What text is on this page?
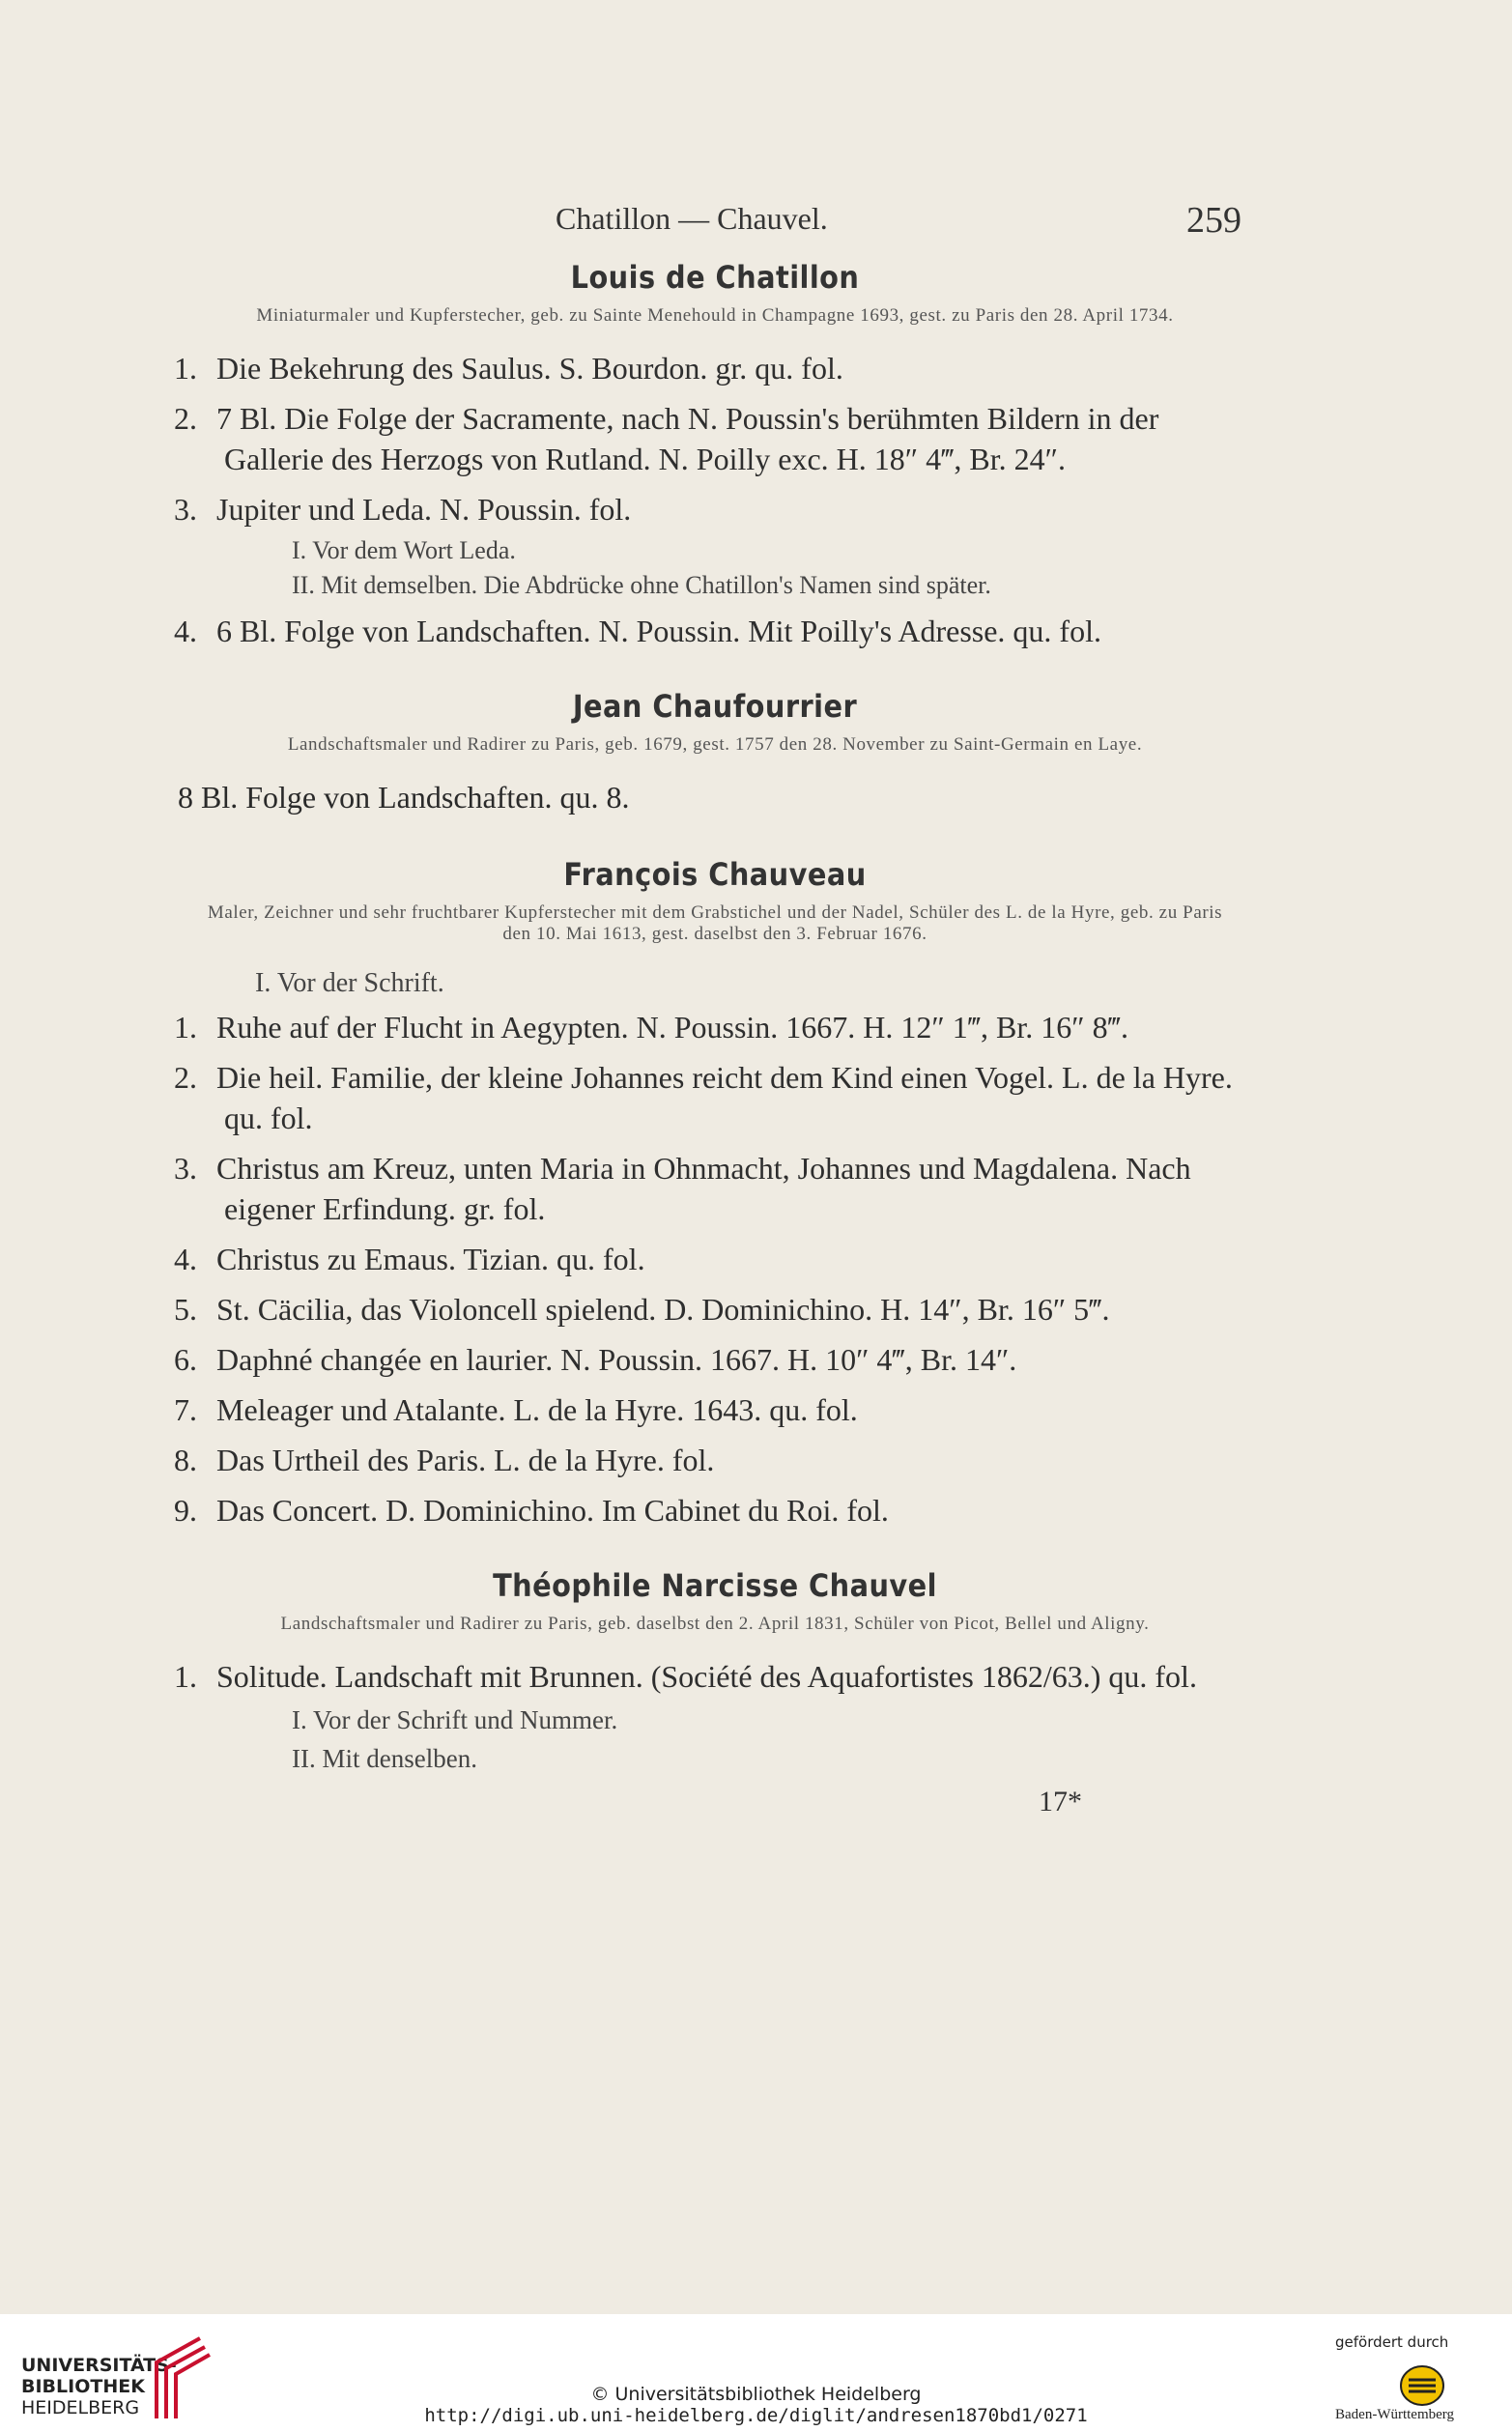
Chatillon — Chauvel.	259
Louis de Chatillon
Miniaturmaler und Kupferstecher, geb. zu Sainte Menehould in Champagne 1693, gest. zu Paris den 28. April 1734.

1. Die Bekehrung des Saulus. S. Bourdon. gr. qu. fol.

2. 7 Bl. Die Folge der Sacramente, nach N. Poussin's berühmten Bildern in der Gallerie des Herzogs von Rutland. N. Poilly exc. H. 18″ 4‴, Br. 24″.

3. Jupiter und Leda. N. Poussin. fol.

I. Vor dem Wort Leda.

II. Mit demselben. Die Abdrücke ohne Chatillon's Namen sind später.

4. 6 Bl. Folge von Landschaften. N. Poussin. Mit Poilly's Adresse. qu. fol.

Jean Chaufourrier
Landschaftsmaler und Radirer zu Paris, geb. 1679, gest. 1757 den 28. November zu Saint-Germain en Laye.

8 Bl. Folge von Landschaften. qu. 8.

François Chauveau
Maler, Zeichner und sehr fruchtbarer Kupferstecher mit dem Grabstichel und der Nadel, Schüler des L. de la Hyre, geb. zu Paris den 10. Mai 1613, gest. daselbst den 3. Februar 1676.

I. Vor der Schrift.

1. Ruhe auf der Flucht in Aegypten. N. Poussin. 1667. H. 12″ 1‴, Br. 16″ 8‴.

2. Die heil. Familie, der kleine Johannes reicht dem Kind einen Vogel. L. de la Hyre. qu. fol.

3. Christus am Kreuz, unten Maria in Ohnmacht, Johannes und Magdalena. Nach eigener Erfindung. gr. fol.

4. Christus zu Emaus. Tizian. qu. fol.

5. St. Cäcilia, das Violoncell spielend. D. Dominichino. H. 14″, Br. 16″ 5‴.

6. Daphné changée en laurier. N. Poussin. 1667. H. 10″ 4‴, Br. 14″.

7. Meleager und Atalante. L. de la Hyre. 1643. qu. fol.

8. Das Urtheil des Paris. L. de la Hyre. fol.

9. Das Concert. D. Dominichino. Im Cabinet du Roi. fol.

Théophile Narcisse Chauvel
Landschaftsmaler und Radirer zu Paris, geb. daselbst den 2. April 1831, Schüler von Picot, Bellel und Aligny.

1. Solitude. Landschaft mit Brunnen. (Société des Aquafortistes 1862/63.) qu. fol.

I. Vor der Schrift und Nummer.

II. Mit denselben.

17*
UNIVERSITÄTS-
BIBLIOTHEK
HEIDELBERG
© Universitätsbibliothek Heidelberg
http://digi.ub.uni-heidelberg.de/diglit/andresen1870bd1/0271
gefördert durch
Baden-Württemberg
